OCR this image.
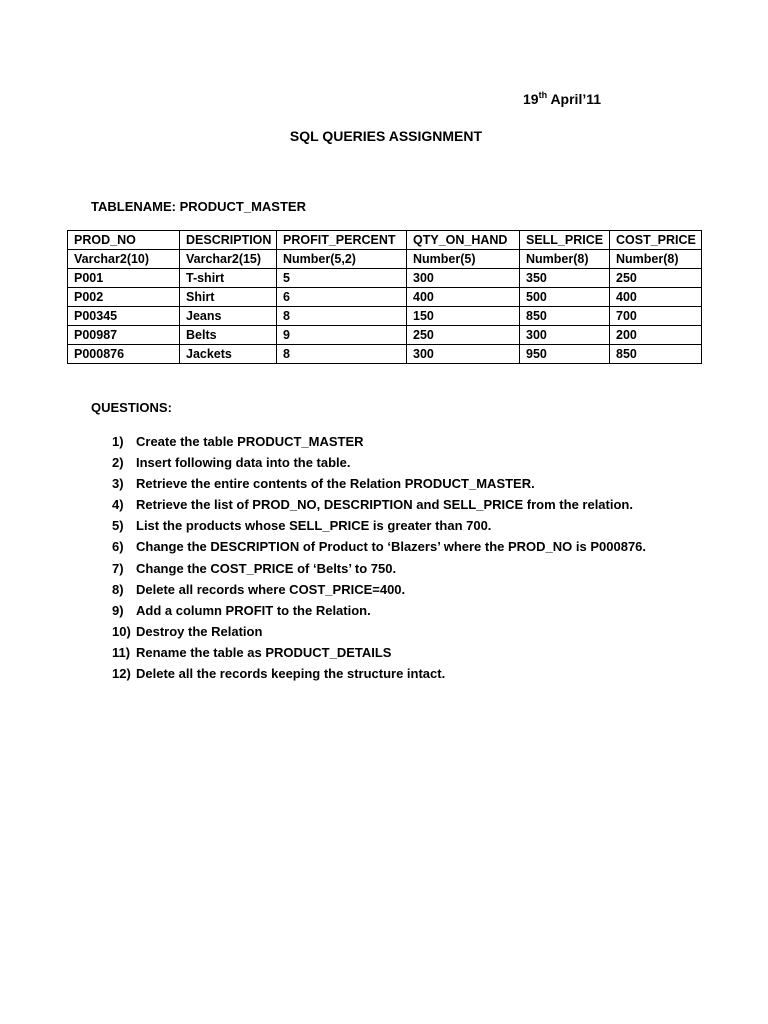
19th April’11
SQL QUERIES ASSIGNMENT
TABLENAME: PRODUCT_MASTER
PROD_NO	DESCRIPTION	PROFIT_PERCENT	QTY_ON_HAND	SELL_PRICE	COST_PRICE
Varchar2(10)	Varchar2(15)	Number(5,2)	Number(5)	Number(8)	Number(8)
P001	T-shirt	5	300	350	250
P002	Shirt	6	400	500	400
P00345	Jeans	8	150	850	700
P00987	Belts	9	250	300	200
P000876	Jackets	8	300	950	850
QUESTIONS:
1) Create the table PRODUCT_MASTER
2) Insert following data into the table.
3) Retrieve the entire contents of the Relation PRODUCT_MASTER.
4) Retrieve the list of PROD_NO, DESCRIPTION and SELL_PRICE from the relation.
5) List the products whose SELL_PRICE is greater than 700.
6) Change the DESCRIPTION of Product to ‘Blazers’ where the PROD_NO is P000876.
7) Change the COST_PRICE of ‘Belts’ to 750.
8) Delete all records where COST_PRICE=400.
9) Add a column PROFIT to the Relation.
10) Destroy the Relation
11) Rename the table as PRODUCT_DETAILS
12) Delete all the records keeping the structure intact.
